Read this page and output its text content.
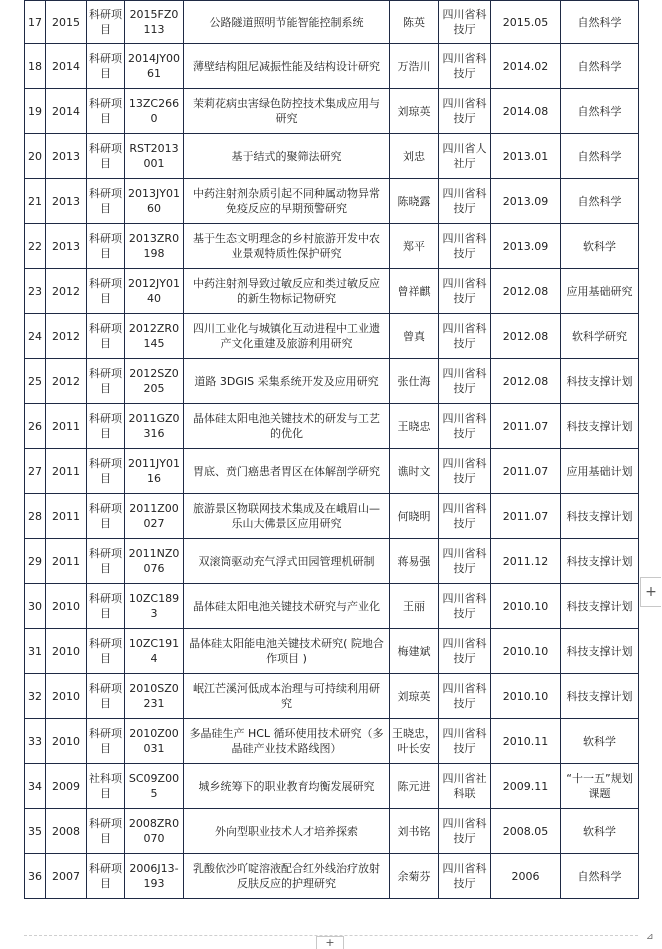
17	2015	科研项目	2015FZ0113	公路隧道照明节能智能控制系统	陈英	四川省科技厅	2015.05	自然科学
18	2014	科研项目	2014JY0061	薄壁结构阻尼减振性能及结构设计研究	万浩川	四川省科技厅	2014.02	自然科学
19	2014	科研项目	13ZC2660	茉莉花病虫害绿色防控技术集成应用与研究	刘琼英	四川省科技厅	2014.08	自然科学
20	2013	科研项目	RST2013001	基于结式的聚筛法研究	刘忠	四川省人社厅	2013.01	自然科学
21	2013	科研项目	2013JY0160	中药注射剂杂质引起不同种属动物异常免疫反应的早期预警研究	陈晓露	四川省科技厅	2013.09	自然科学
22	2013	科研项目	2013ZR0198	基于生态文明理念的乡村旅游开发中农业景观特质性保护研究	郑平	四川省科技厅	2013.09	软科学
23	2012	科研项目	2012JY0140	中药注射剂导致过敏反应和类过敏反应的新生物标记物研究	曾祥麒	四川省科技厅	2012.08	应用基础研究
24	2012	科研项目	2012ZR0145	四川工业化与城镇化互动进程中工业遗产文化重建及旅游利用研究	曾真	四川省科技厅	2012.08	软科学研究
25	2012	科研项目	2012SZ0205	道路 3DGIS 采集系统开发及应用研究	张仕海	四川省科技厅	2012.08	科技支撑计划
26	2011	科研项目	2011GZ0316	晶体硅太阳电池关键技术的研发与工艺的优化	王晓忠	四川省科技厅	2011.07	科技支撑计划
27	2011	科研项目	2011JY0116	胃底、贲门癌患者胃区在体解剖学研究	谯时文	四川省科技厅	2011.07	应用基础计划
28	2011	科研项目	2011Z00027	旅游景区物联网技术集成及在峨眉山—乐山大佛景区应用研究	何晓明	四川省科技厅	2011.07	科技支撑计划
29	2011	科研项目	2011NZ0076	双滚筒驱动充气浮式田园管理机研制	蒋易强	四川省科技厅	2011.12	科技支撑计划
30	2010	科研项目	10ZC1893	晶体硅太阳电池关键技术研究与产业化	王丽	四川省科技厅	2010.10	科技支撑计划
31	2010	科研项目	10ZC1914	晶体硅太阳能电池关键技术研究( 院地合作项目 )	梅建斌	四川省科技厅	2010.10	科技支撑计划
32	2010	科研项目	2010SZ0231	岷江芒溪河低成本治理与可持续利用研究	刘琼英	四川省科技厅	2010.10	科技支撑计划
33	2010	科研项目	2010Z00031	多晶硅生产 HCL 循环使用技术研究（多晶硅产业技术路线图）	王晓忠，叶长安	四川省科技厅	2010.11	软科学
34	2009	社科项目	SC09Z005	城乡统筹下的职业教育均衡发展研究	陈元进	四川省社科联	2009.11	“十一五”规划课题
35	2008	科研项目	2008ZR0070	外向型职业技术人才培养探索	刘书铭	四川省科技厅	2008.05	软科学
36	2007	科研项目	2006J13-193	乳酸依沙吖啶溶液配合红外线治疗放射反肤反应的护理研究	余菊芬	四川省科技厅	2006	自然科学
+
+	⊿
